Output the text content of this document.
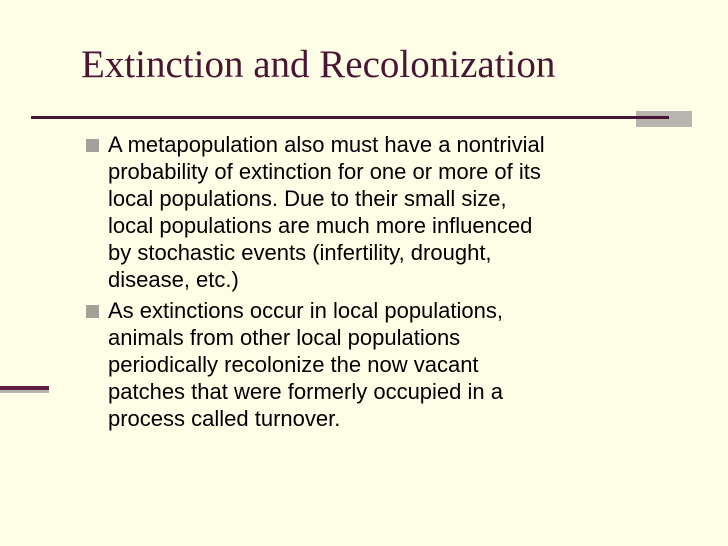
Extinction and Recolonization
A metapopulation also must have a nontrivial
probability of extinction for one or more of its
local populations. Due to their small size,
local populations are much more influenced
by stochastic events (infertility, drought,
disease, etc.)
As extinctions occur in local populations,
animals from other local populations
periodically recolonize the now vacant
patches that were formerly occupied in a
process called turnover.
